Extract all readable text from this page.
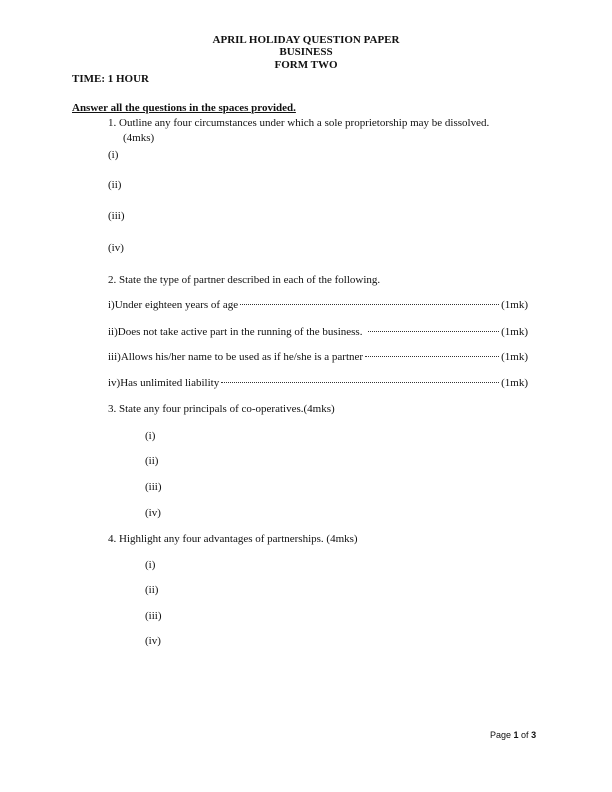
APRIL HOLIDAY QUESTION PAPER
BUSINESS
FORM TWO
TIME: 1 HOUR
Answer all the questions in the spaces provided.
1. Outline any four circumstances under which a sole proprietorship may be dissolved.
(4mks)
(i)
(ii)
(iii)
(iv)
2. State the type of partner described in each of the following.
i)Under eighteen years of age	(1mk)
ii)Does not take active part in the running of the business.	(1mk)
iii)Allows his/her name to be used as if he/she is a partner	(1mk)
iv)Has unlimited liability	(1mk)
3. State any four principals of co-operatives.(4mks)
(i)
(ii)
(iii)
(iv)
4. Highlight any four advantages of partnerships. (4mks)
(i)
(ii)
(iii)
(iv)
Page 1 of 3
